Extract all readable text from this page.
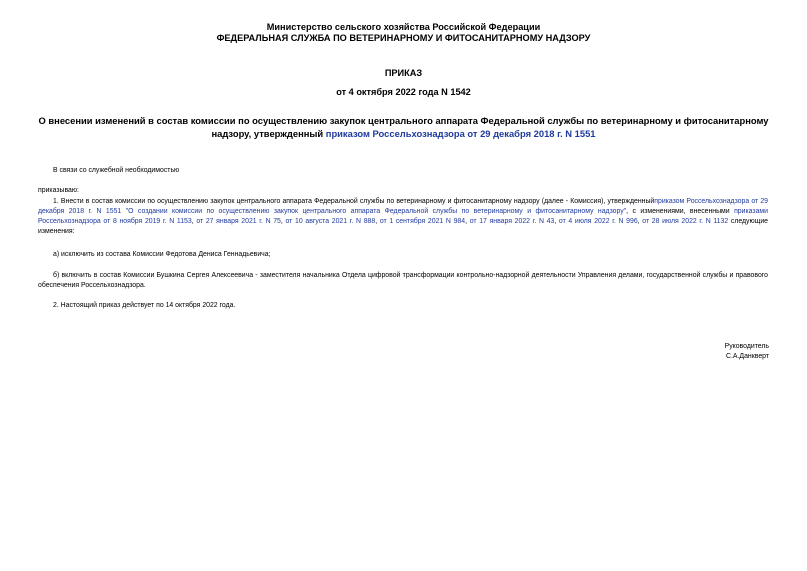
Министерство сельского хозяйства Российской Федерации
ФЕДЕРАЛЬНАЯ СЛУЖБА ПО ВЕТЕРИНАРНОМУ И ФИТОСАНИТАРНОМУ НАДЗОРУ
ПРИКАЗ
от 4 октября 2022 года N 1542
О внесении изменений в состав комиссии по осуществлению закупок центрального аппарата Федеральной службы по ветеринарному и фитосанитарному надзору, утвержденный приказом Россельхознадзора от 29 декабря 2018 г. N 1551
В связи со служебной необходимостью
приказываю:
1. Внести в состав комиссии по осуществлению закупок центрального аппарата Федеральной службы по ветеринарному и фитосанитарному надзору (далее - Комиссия), утвержденныйприказом Россельхознадзора от 29 декабря 2018 г. N 1551 "О создании комиссии по осуществлению закупок центрального аппарата Федеральной службы по ветеринарному и фитосанитарному надзору", с изменениями, внесенными приказами Россельхознадзора от 8 ноября 2019 г. N 1153, от 27 января 2021 г. N 75, от 10 августа 2021 г. N 888, от 1 сентября 2021 N 984, от 17 января 2022 г. N 43, от 4 июля 2022 г. N 996, от 28 июля 2022 г. N 1132 следующие изменения:
а) исключить из состава Комиссии Федотова Дениса Геннадьевича;
б) включить в состав Комиссии Бушкина Сергея Алексеевича - заместителя начальника Отдела цифровой трансформации контрольно-надзорной деятельности Управления делами, государственной службы и правового обеспечения Россельхознадзора.
2. Настоящий приказ действует по 14 октября 2022 года.
Руководитель
С.А.Данкверт
